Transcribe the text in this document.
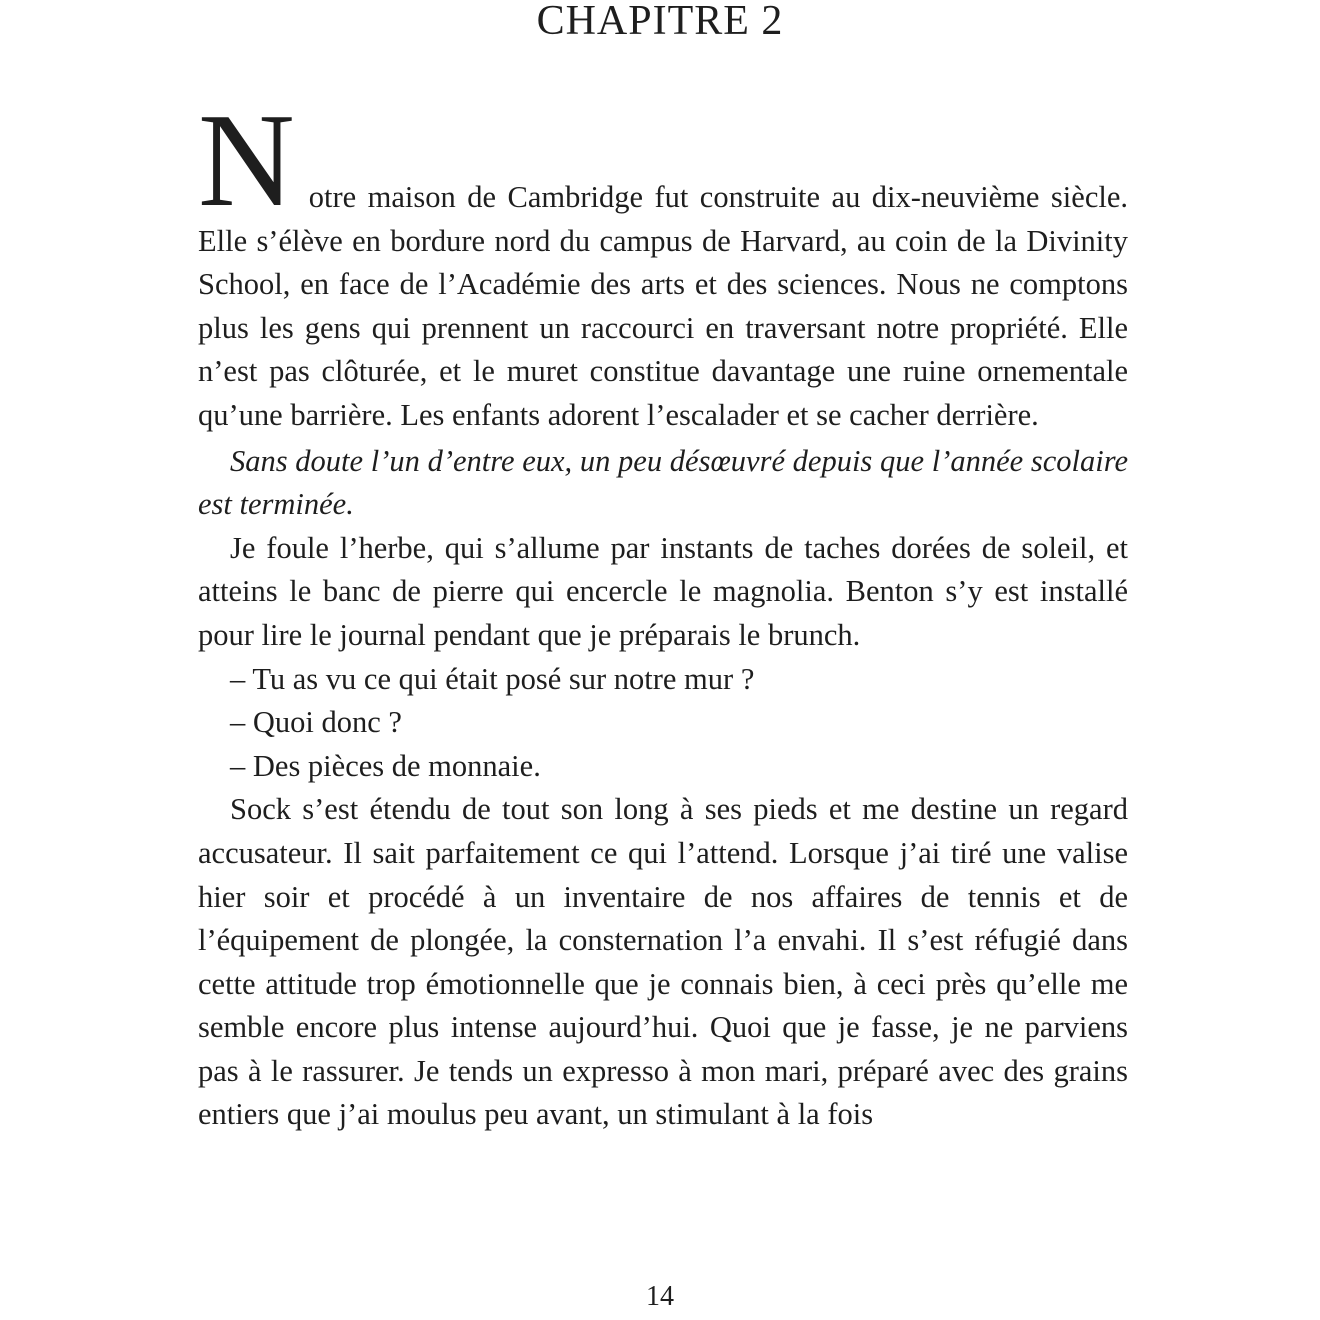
CHAPITRE 2

N otre maison de Cambridge fut construite au dix-neuvième siècle. Elle s’élève en bordure nord du campus de Harvard, au coin de la Divinity School, en face de l’Académie des arts et des sciences. Nous ne comptons plus les gens qui prennent un raccourci en traversant notre propriété. Elle n’est pas clôturée, et le muret constitue davantage une ruine ornementale qu’une barrière. Les enfants adorent l’escalader et se cacher derrière.

Sans doute l’un d’entre eux, un peu désœuvré depuis que l’année scolaire est terminée.

Je foule l’herbe, qui s’allume par instants de taches dorées de soleil, et atteins le banc de pierre qui encercle le magnolia. Benton s’y est installé pour lire le journal pendant que je préparais le brunch.

– Tu as vu ce qui était posé sur notre mur ?

– Quoi donc ?

– Des pièces de monnaie.

Sock s’est étendu de tout son long à ses pieds et me destine un regard accusateur. Il sait parfaitement ce qui l’attend. Lorsque j’ai tiré une valise hier soir et procédé à un inventaire de nos affaires de tennis et de l’équipement de plongée, la consternation l’a envahi. Il s’est réfugié dans cette attitude trop émotionnelle que je connais bien, à ceci près qu’elle me semble encore plus intense aujourd’hui. Quoi que je fasse, je ne parviens pas à le rassurer. Je tends un expresso à mon mari, préparé avec des grains entiers que j’ai moulus peu avant, un stimulant à la fois

14
